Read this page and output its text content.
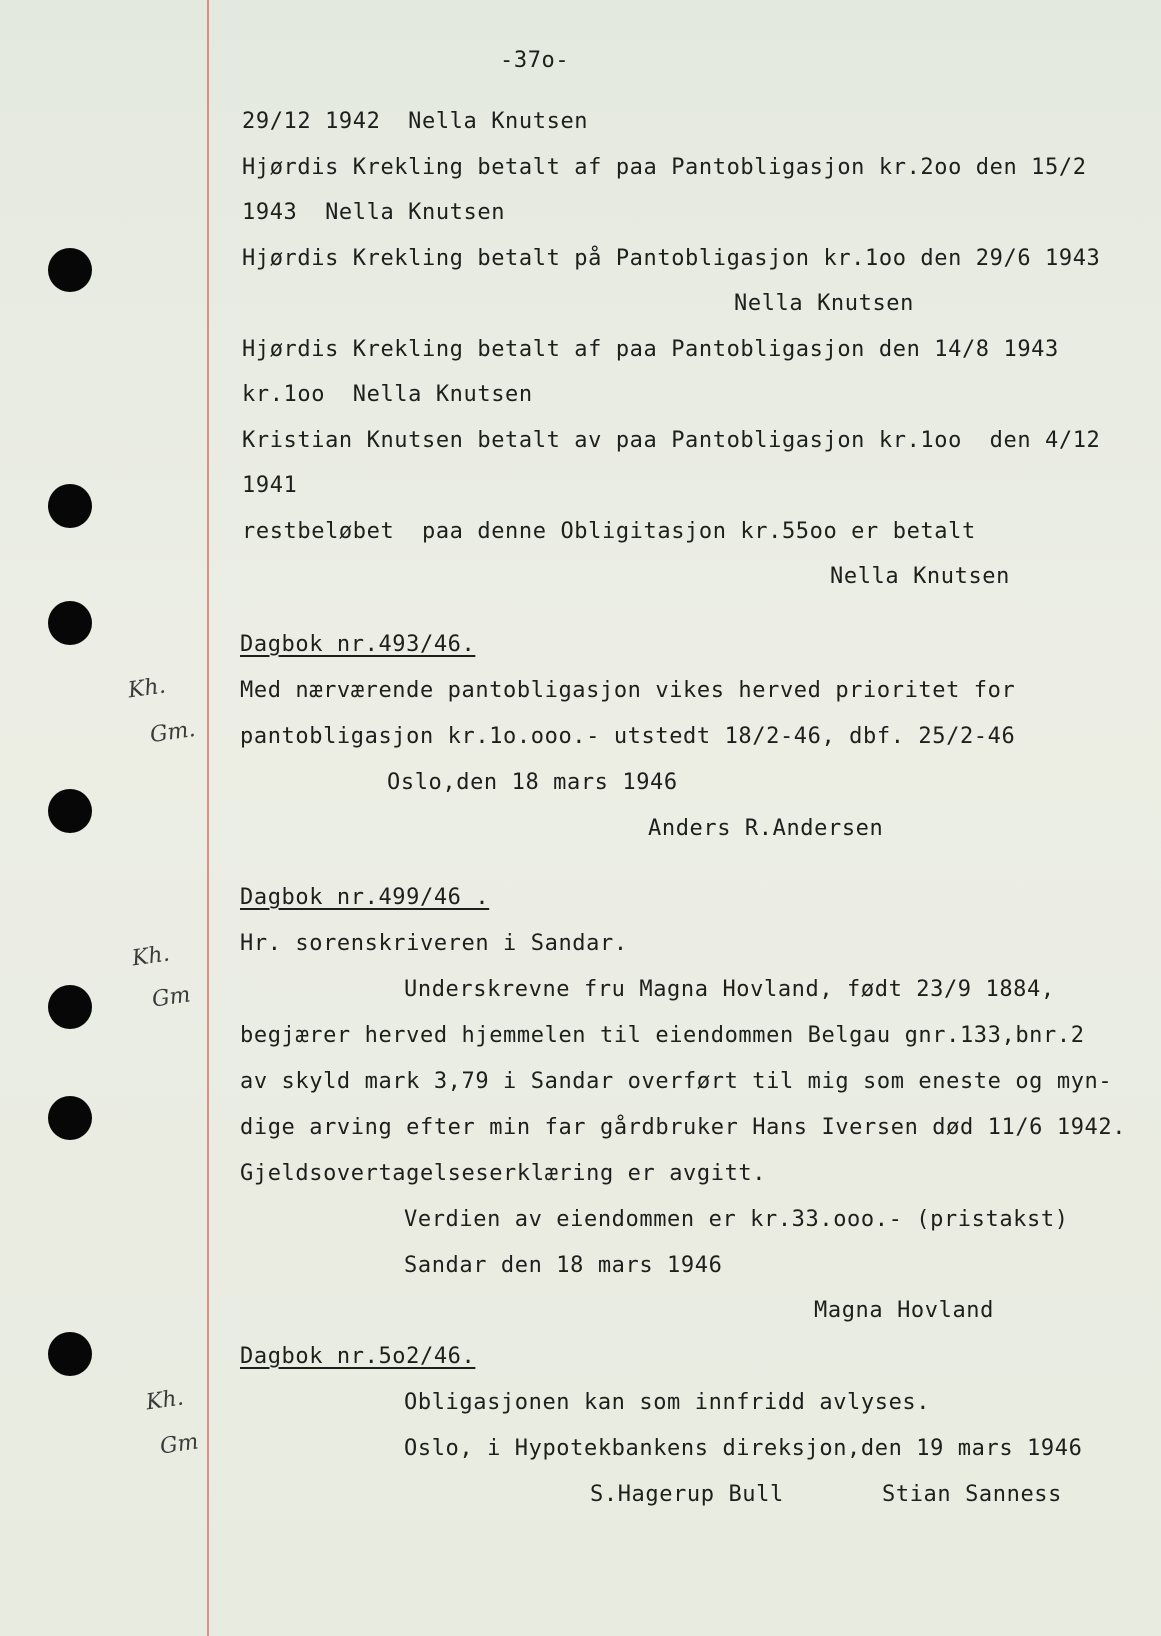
-37o-
29/12 1942  Nella Knutsen
Hjørdis Krekling betalt af paa Pantobligasjon kr.2oo den 15/2
1943  Nella Knutsen
Hjørdis Krekling betalt på Pantobligasjon kr.1oo den 29/6 1943
Nella Knutsen
Hjørdis Krekling betalt af paa Pantobligasjon den 14/8 1943
kr.1oo  Nella Knutsen
Kristian Knutsen betalt av paa Pantobligasjon kr.1oo  den 4/12
1941
restbeløbet  paa denne Obligitasjon kr.55oo er betalt
Nella Knutsen
Dagbok nr.493/46.
Med nærværende pantobligasjon vikes herved prioritet for
pantobligasjon kr.1o.ooo.- utstedt 18/2-46, dbf. 25/2-46
Oslo,den 18 mars 1946
Anders R.Andersen
Dagbok nr.499/46 .
Hr. sorenskriveren i Sandar.
Underskrevne fru Magna Hovland, født 23/9 1884,
begjærer herved hjemmelen til eiendommen Belgau gnr.133,bnr.2
av skyld mark 3,79 i Sandar overført til mig som eneste og myn-
dige arving efter min far gårdbruker Hans Iversen død 11/6 1942.
Gjeldsovertagelseserklæring er avgitt.
Verdien av eiendommen er kr.33.ooo.- (pristakst)
Sandar den 18 mars 1946
Magna Hovland
Dagbok nr.5o2/46.
Obligasjonen kan som innfridd avlyses.
Oslo, i Hypotekbankens direksjon,den 19 mars 1946
S.Hagerup Bull	Stian Sanness
Kh.
Gm.
Kh.
Gm
Kh.
Gm
